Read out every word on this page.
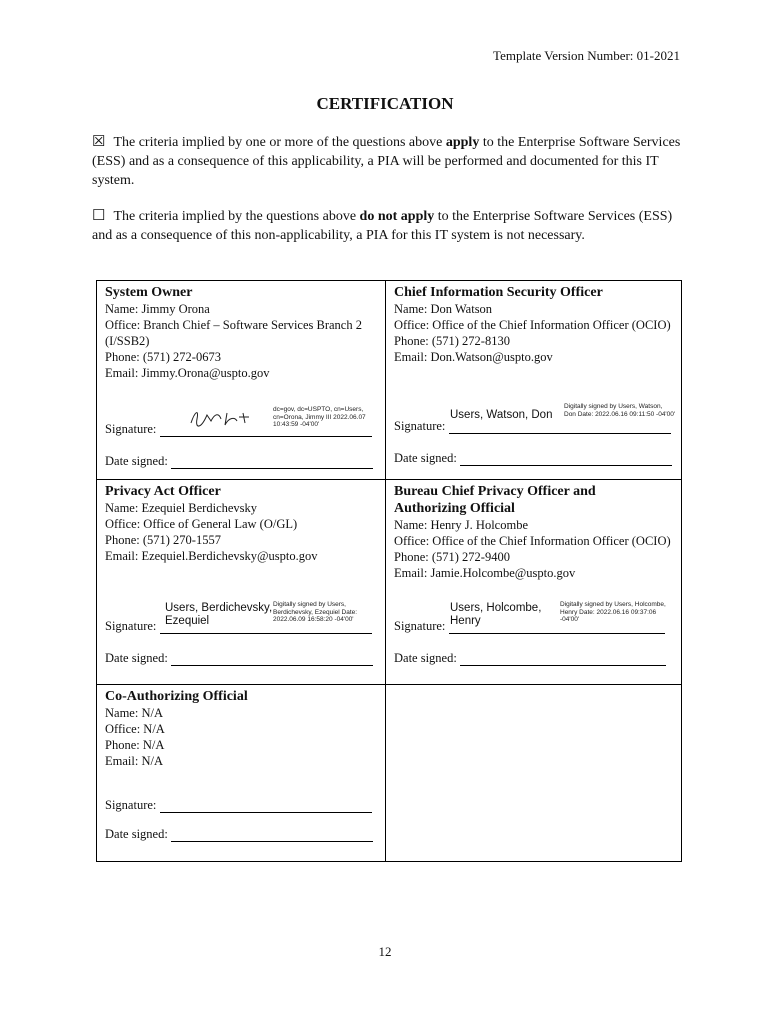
Template Version Number: 01-2021
CERTIFICATION
☒ The criteria implied by one or more of the questions above apply to the Enterprise Software Services (ESS) and as a consequence of this applicability, a PIA will be performed and documented for this IT system.
☐ The criteria implied by the questions above do not apply to the Enterprise Software Services (ESS) and as a consequence of this non-applicability, a PIA for this IT system is not necessary.
System Owner
Name: Jimmy Orona
Office: Branch Chief – Software Services Branch 2 (I/SSB2)
Phone: (571) 272-0673
Email: Jimmy.Orona@uspto.gov
dc=gov, dc=USPTO, cn=Users, cn=Orona, Jimmy III 2022.06.07 10:43:59 -04'00'
Signature:
Date signed:
Chief Information Security Officer
Name: Don Watson
Office: Office of the Chief Information Officer (OCIO)
Phone: (571) 272-8130
Email: Don.Watson@uspto.gov
Users, Watson, Don
Digitally signed by Users, Watson, Don Date: 2022.06.16 09:11:50 -04'00'
Signature:
Date signed:
Privacy Act Officer
Name: Ezequiel Berdichevsky
Office: Office of General Law (O/GL)
Phone: (571) 270-1557
Email: Ezequiel.Berdichevsky@uspto.gov
Users, Berdichevsky,
Ezequiel
Digitally signed by Users, Berdichevsky, Ezequiel Date: 2022.06.09 16:58:20 -04'00'
Signature:
Date signed:
Bureau Chief Privacy Officer and
Authorizing Official
Name: Henry J. Holcombe
Office: Office of the Chief Information Officer (OCIO)
Phone: (571) 272-9400
Email: Jamie.Holcombe@uspto.gov
Users, Holcombe,
Henry
Digitally signed by Users, Holcombe, Henry Date: 2022.06.16 09:37:06 -04'00'
Signature:
Date signed:
Co-Authorizing Official
Name: N/A
Office: N/A
Phone: N/A
Email: N/A
Signature:
Date signed:
12
